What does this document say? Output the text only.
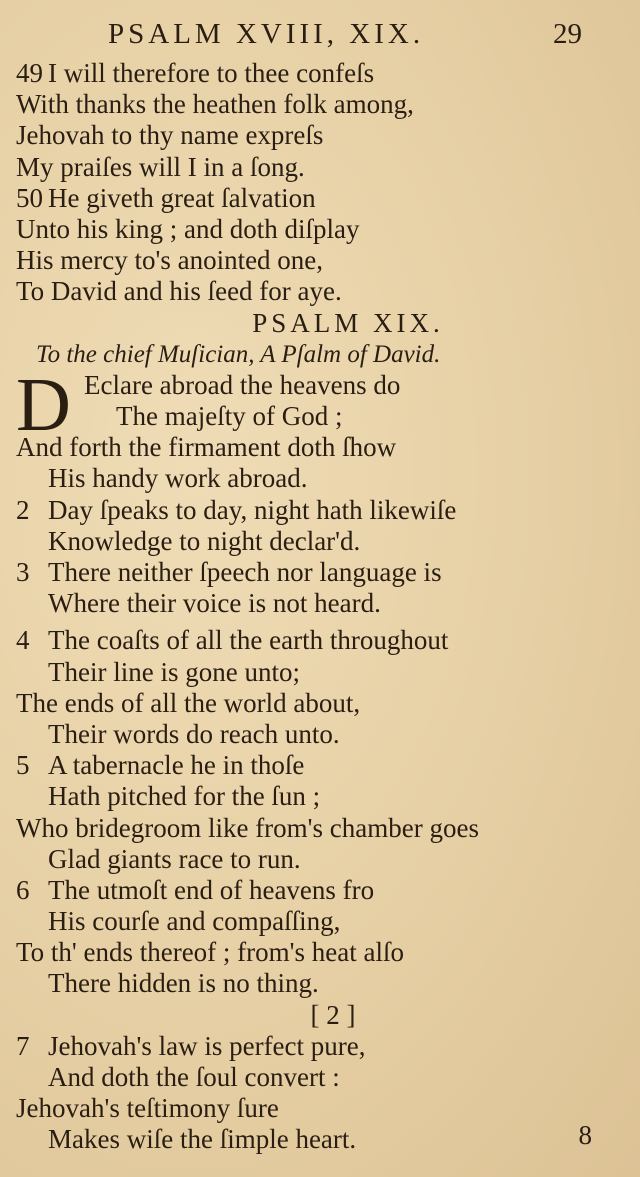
PSALM XVIII, XIX.	29
49 I will therefore to thee confeſs
With thanks the heathen folk among,
Jehovah to thy name expreſs
My praiſes will I in a ſong.
50 He giveth great ſalvation
Unto his king ; and doth diſplay
His mercy to's anointed one,
To David and his ſeed for aye.
PSALM XIX.
To the chief Muſician, A Pſalm of David.
D Eclare abroad the heavens do
The majeſty of God ;
And forth the firmament doth ſhow
His handy work abroad.
2 Day ſpeaks to day, night hath likewiſe
Knowledge to night declar'd.
3 There neither ſpeech nor language is
Where their voice is not heard.
4 The coaſts of all the earth throughout
Their line is gone unto;
The ends of all the world about,
Their words do reach unto.
5 A tabernacle he in thoſe
Hath pitched for the ſun ;
Who bridegroom like from's chamber goes
Glad giants race to run.
6 The utmoſt end of heavens fro
His courſe and compaſſing,
To th' ends thereof ; from's heat alſo
There hidden is no thing.
[ 2 ]
7 Jehovah's law is perfect pure,
And doth the ſoul convert :
Jehovah's teſtimony ſure
Makes wiſe the ſimple heart.	8
